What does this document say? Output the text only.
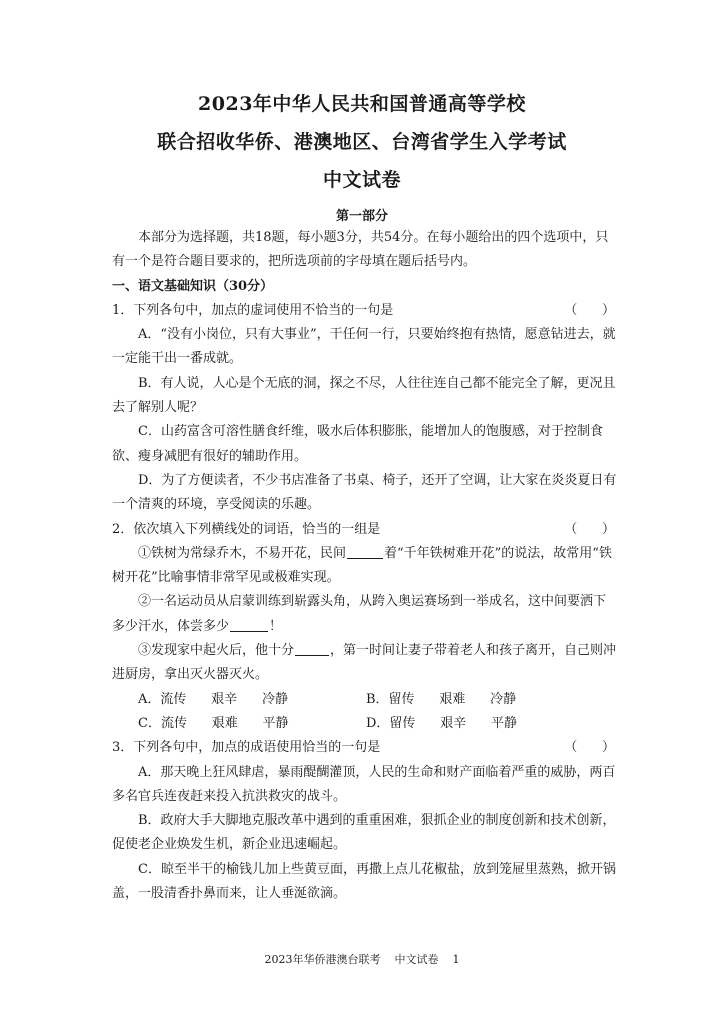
2023年中华人民共和国普通高等学校
联合招收华侨、港澳地区、台湾省学生入学考试
中文试卷
第一部分

本部分为选择题，共18题，每小题3分，共54分。在每小题给出的四个选项中，只有一个是符合题目要求的，把所选项前的字母填在题后括号内。

一、语文基础知识（30分）

1．下列各句中，加点的虚词使用不恰当的一句是	（      ）

A．“没有小岗位，只有大事业”，干任何一行，只要始终抱有热情，愿意钻进去，就一定能干出一番成就。

B．有人说，人心是个无底的洞，探之不尽，人往往连自己都不能完全了解，更况且去了解别人呢？

C．山药富含可溶性膳食纤维，吸水后体积膨胀，能增加人的饱腹感，对于控制食欲、瘦身减肥有很好的辅助作用。

D．为了方便读者，不少书店准备了书桌、椅子，还开了空调，让大家在炎炎夏日有一个清爽的环境，享受阅读的乐趣。

2．依次填入下列横线处的词语，恰当的一组是	（      ）

①铁树为常绿乔木，不易开花，民间	着“千年铁树难开花”的说法，故常用“铁树开花”比喻事情非常罕见或极难实现。

②一名运动员从启蒙训练到崭露头角，从跨入奥运赛场到一举成名，这中间要洒下多少汗水，体尝多少	！

③发现家中起火后，他十分	，第一时间让妻子带着老人和孩子离开，自己则冲进厨房，拿出灭火器灭火。

A．流传      艰辛      冷静	B．留传      艰难      冷静
C．流传      艰难      平静	D．留传      艰辛      平静
3．下列各句中，加点的成语使用恰当的一句是	（      ）

A．那天晚上狂风肆虐，暴雨醍醐灌顶，人民的生命和财产面临着严重的威胁，两百多名官兵连夜赶来投入抗洪救灾的战斗。

B．政府大手大脚地克服改革中遇到的重重困难，狠抓企业的制度创新和技术创新，促使老企业焕发生机，新企业迅速崛起。

C．晾至半干的榆钱儿加上些黄豆面，再撒上点儿花椒盐，放到笼屉里蒸熟，掀开锅盖，一股清香扑鼻而来，让人垂涎欲滴。

2023年华侨港澳台联考    中文试卷    1
